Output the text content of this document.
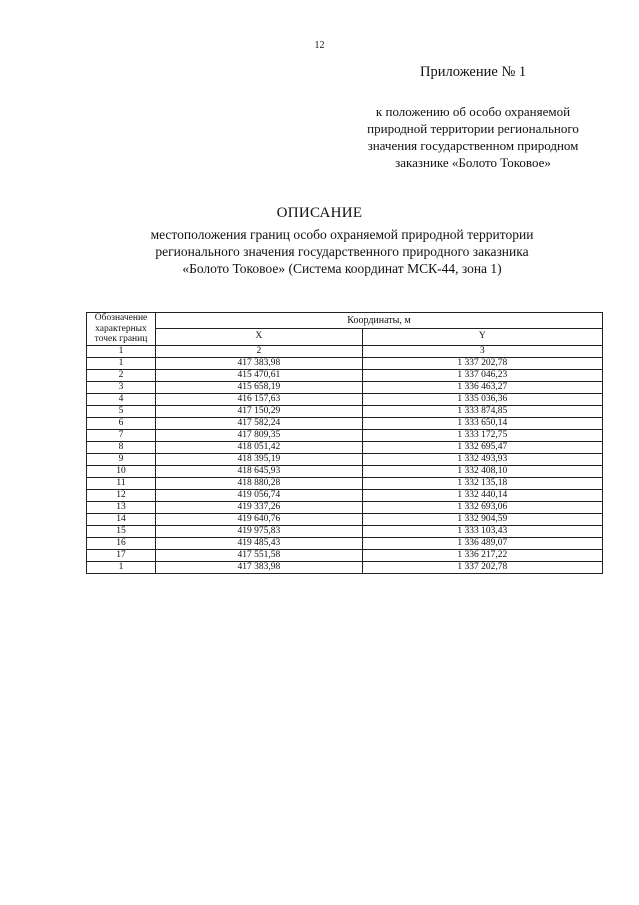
12
Приложение № 1
к положению об особо охраняемой
природной территории регионального
значения государственном природном
заказнике «Болото Токовое»
ОПИСАНИЕ
местоположения границ особо охраняемой природной территории
регионального значения государственного природного заказника
«Болото Токовое» (Система координат МСК-44, зона 1)
Обозначение характерных точек границ	Координаты, м	
	X	Y
1	2	3
1	417 383,98	1 337 202,78
2	415 470,61	1 337 046,23
3	415 658,19	1 336 463,27
4	416 157,63	1 335 036,36
5	417 150,29	1 333 874,85
6	417 582,24	1 333 650,14
7	417 809,35	1 333 172,75
8	418 051,42	1 332 695,47
9	418 395,19	1 332 493,93
10	418 645,93	1 332 408,10
11	418 880,28	1 332 135,18
12	419 056,74	1 332 440,14
13	419 337,26	1 332 693,06
14	419 640,76	1 332 904,59
15	419 975,83	1 333 103,43
16	419 485,43	1 336 489,07
17	417 551,58	1 336 217,22
1	417 383,98	1 337 202,78
